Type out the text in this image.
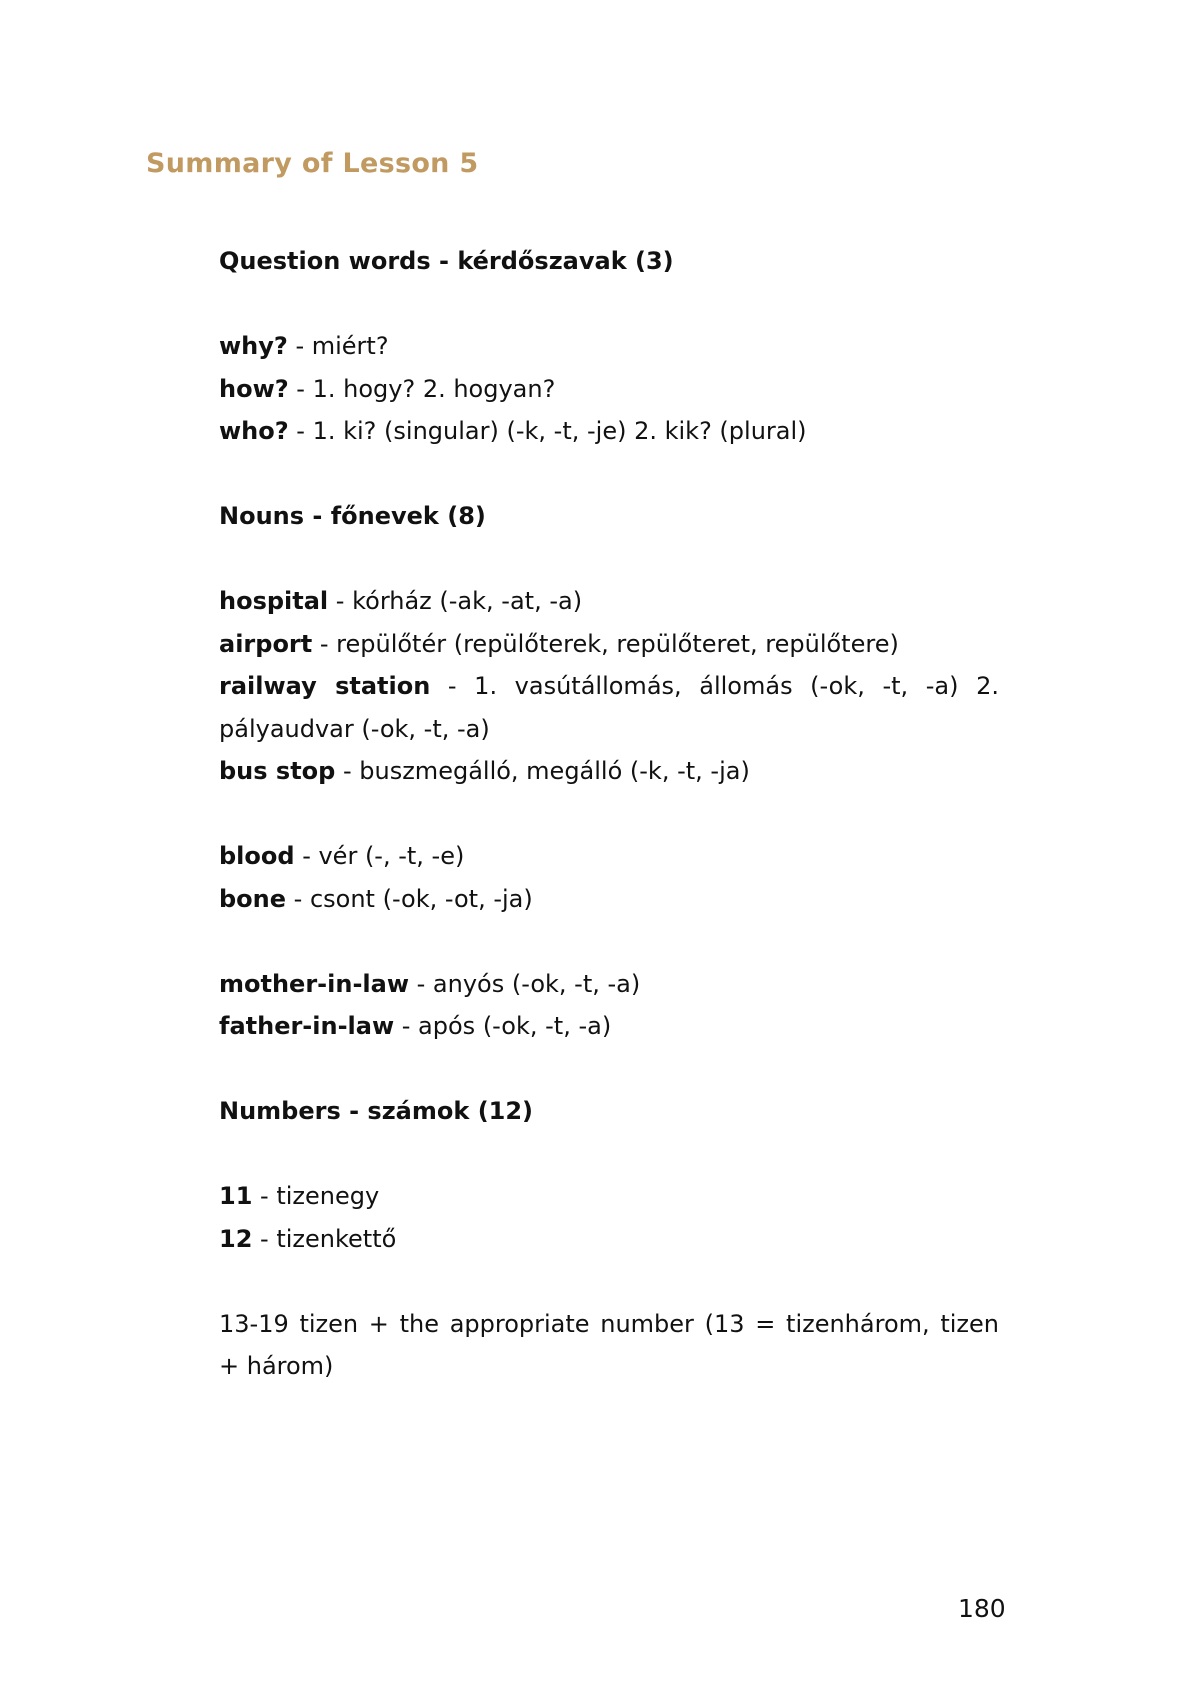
Summary of Lesson 5

Question words - kérdőszavak (3)

why? - miért?

how? - 1. hogy? 2. hogyan?

who? - 1. ki? (singular) (-k, -t, -je) 2. kik? (plural)

Nouns - főnevek (8)

hospital - kórház (-ak, -at, -a)

airport - repülőtér (repülőterek, repülőteret, repülőtere)

railway station - 1. vasútállomás, állomás (-ok, -t, -a) 2. pályaudvar (-ok, -t, -a)

bus stop - buszmegálló, megálló (-k, -t, -ja)

blood - vér (-, -t, -e)

bone - csont (-ok, -ot, -ja)

mother-in-law - anyós (-ok, -t, -a)

father-in-law - após (-ok, -t, -a)

Numbers - számok (12)

11 - tizenegy

12 - tizenkettő

13-19 tizen + the appropriate number (13 = tizenhárom, tizen + három)

180
